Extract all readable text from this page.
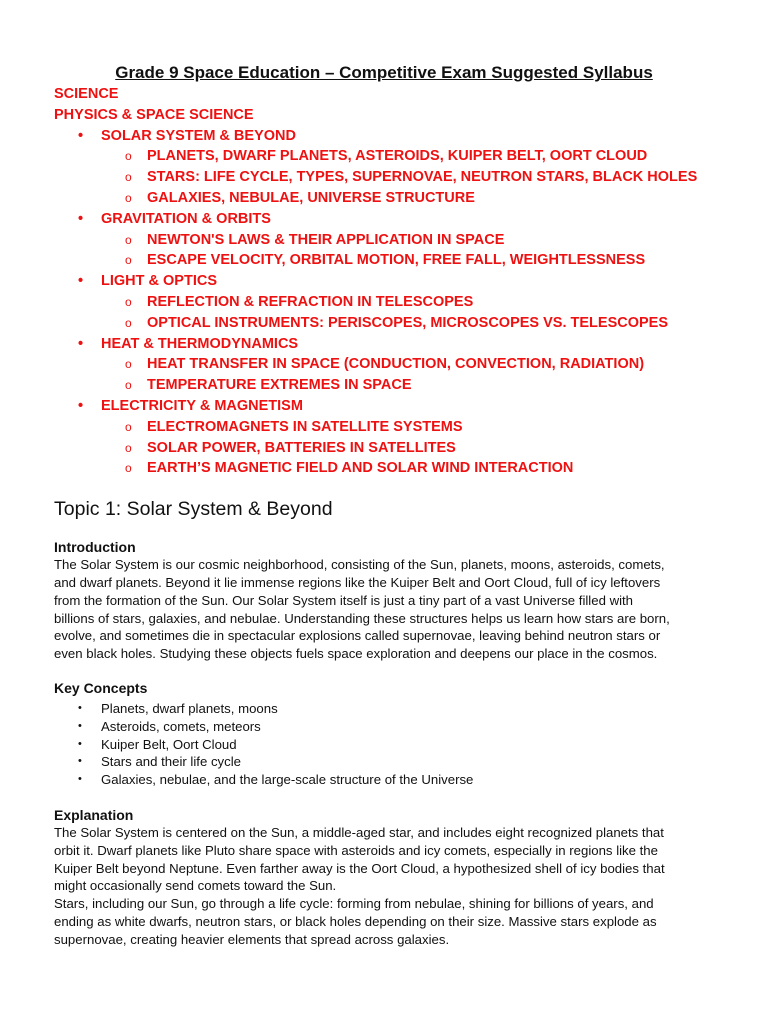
Grade 9 Space Education – Competitive Exam Suggested Syllabus
SCIENCE
PHYSICS & SPACE SCIENCE
• SOLAR SYSTEM & BEYOND
o PLANETS, DWARF PLANETS, ASTEROIDS, KUIPER BELT, OORT CLOUD
o STARS: LIFE CYCLE, TYPES, SUPERNOVAE, NEUTRON STARS, BLACK HOLES
o GALAXIES, NEBULAE, UNIVERSE STRUCTURE
• GRAVITATION & ORBITS
o NEWTON'S LAWS & THEIR APPLICATION IN SPACE
o ESCAPE VELOCITY, ORBITAL MOTION, FREE FALL, WEIGHTLESSNESS
• LIGHT & OPTICS
o REFLECTION & REFRACTION IN TELESCOPES
o OPTICAL INSTRUMENTS: PERISCOPES, MICROSCOPES VS. TELESCOPES
• HEAT & THERMODYNAMICS
o HEAT TRANSFER IN SPACE (CONDUCTION, CONVECTION, RADIATION)
o TEMPERATURE EXTREMES IN SPACE
• ELECTRICITY & MAGNETISM
o ELECTROMAGNETS IN SATELLITE SYSTEMS
o SOLAR POWER, BATTERIES IN SATELLITES
o EARTH’S MAGNETIC FIELD AND SOLAR WIND INTERACTION
Topic 1: Solar System & Beyond
Introduction

The Solar System is our cosmic neighborhood, consisting of the Sun, planets, moons, asteroids, comets,

and dwarf planets. Beyond it lie immense regions like the Kuiper Belt and Oort Cloud, full of icy leftovers

from the formation of the Sun. Our Solar System itself is just a tiny part of a vast Universe filled with

billions of stars, galaxies, and nebulae. Understanding these structures helps us learn how stars are born,

evolve, and sometimes die in spectacular explosions called supernovae, leaving behind neutron stars or

even black holes. Studying these objects fuels space exploration and deepens our place in the cosmos.

Key Concepts
• Planets, dwarf planets, moons
• Asteroids, comets, meteors
• Kuiper Belt, Oort Cloud
• Stars and their life cycle
• Galaxies, nebulae, and the large-scale structure of the Universe
Explanation

The Solar System is centered on the Sun, a middle-aged star, and includes eight recognized planets that

orbit it. Dwarf planets like Pluto share space with asteroids and icy comets, especially in regions like the

Kuiper Belt beyond Neptune. Even farther away is the Oort Cloud, a hypothesized shell of icy bodies that

might occasionally send comets toward the Sun.

Stars, including our Sun, go through a life cycle: forming from nebulae, shining for billions of years, and

ending as white dwarfs, neutron stars, or black holes depending on their size. Massive stars explode as

supernovae, creating heavier elements that spread across galaxies.
